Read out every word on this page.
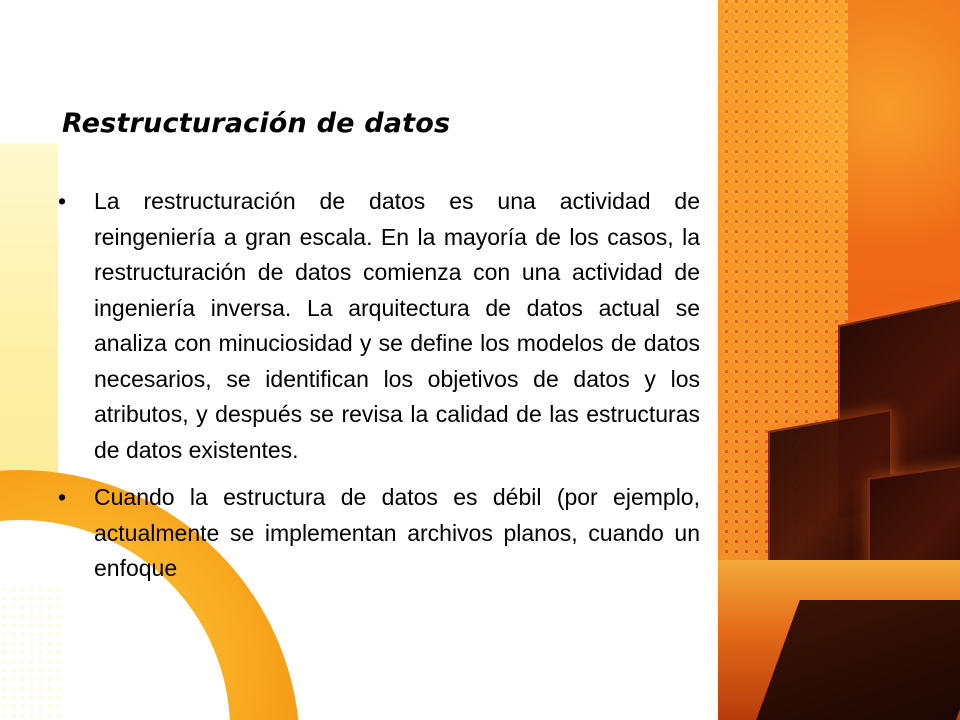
Restructuración de datos
• La restructuración de datos es una actividad de reingeniería a gran escala. En la mayoría de los casos, la restructuración de datos comienza con una actividad de ingeniería inversa. La arquitectura de datos actual se analiza con minuciosidad y se define los modelos de datos necesarios, se identifican los objetivos de datos y los atributos, y después se revisa la calidad de las estructuras de datos existentes.
• Cuando la estructura de datos es débil (por ejemplo, actualmente se implementan archivos planos, cuando un enfoque
